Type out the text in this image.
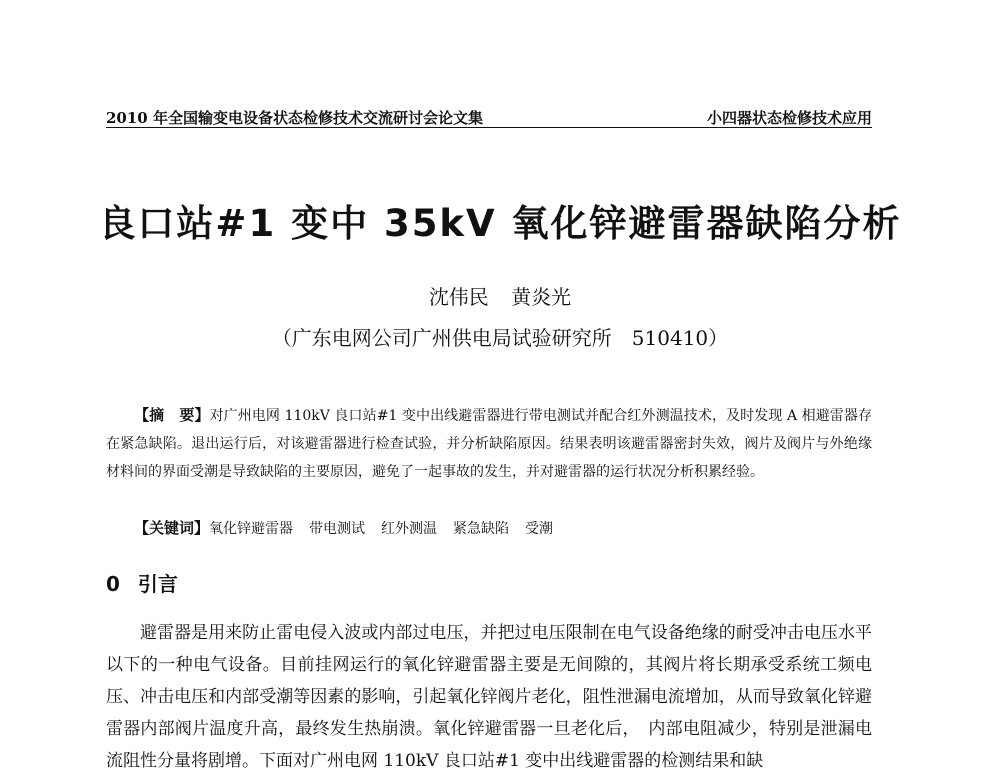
2010 年全国输变电设备状态检修技术交流研讨会论文集	小四器状态检修技术应用
良口站#1 变中 35kV 氧化锌避雷器缺陷分析
沈伟民 黄炎光
（广东电网公司广州供电局试验研究所　510410）
【摘　要】对广州电网 110kV 良口站#1 变中出线避雷器进行带电测试并配合红外测温技术，及时发现 A 相避雷器存在紧急缺陷。退出运行后，对该避雷器进行检查试验，并分析缺陷原因。结果表明该避雷器密封失效，阀片及阀片与外绝缘材料间的界面受潮是导致缺陷的主要原因，避免了一起事故的发生，并对避雷器的运行状况分析积累经验。
【关键词】氧化锌避雷器 带电测试 红外测温 紧急缺陷 受潮
0 引言
避雷器是用来防止雷电侵入波或内部过电压，并把过电压限制在电气设备绝缘的耐受冲击电压水平以下的一种电气设备。目前挂网运行的氧化锌避雷器主要是无间隙的，其阀片将长期承受系统工频电压、冲击电压和内部受潮等因素的影响，引起氧化锌阀片老化，阻性泄漏电流增加，从而导致氧化锌避雷器内部阀片温度升高，最终发生热崩溃。氧化锌避雷器一旦老化后，　内部电阻减少，特别是泄漏电流阻性分量将剧增。下面对广州电网 110kV 良口站#1 变中出线避雷器的检测结果和缺
